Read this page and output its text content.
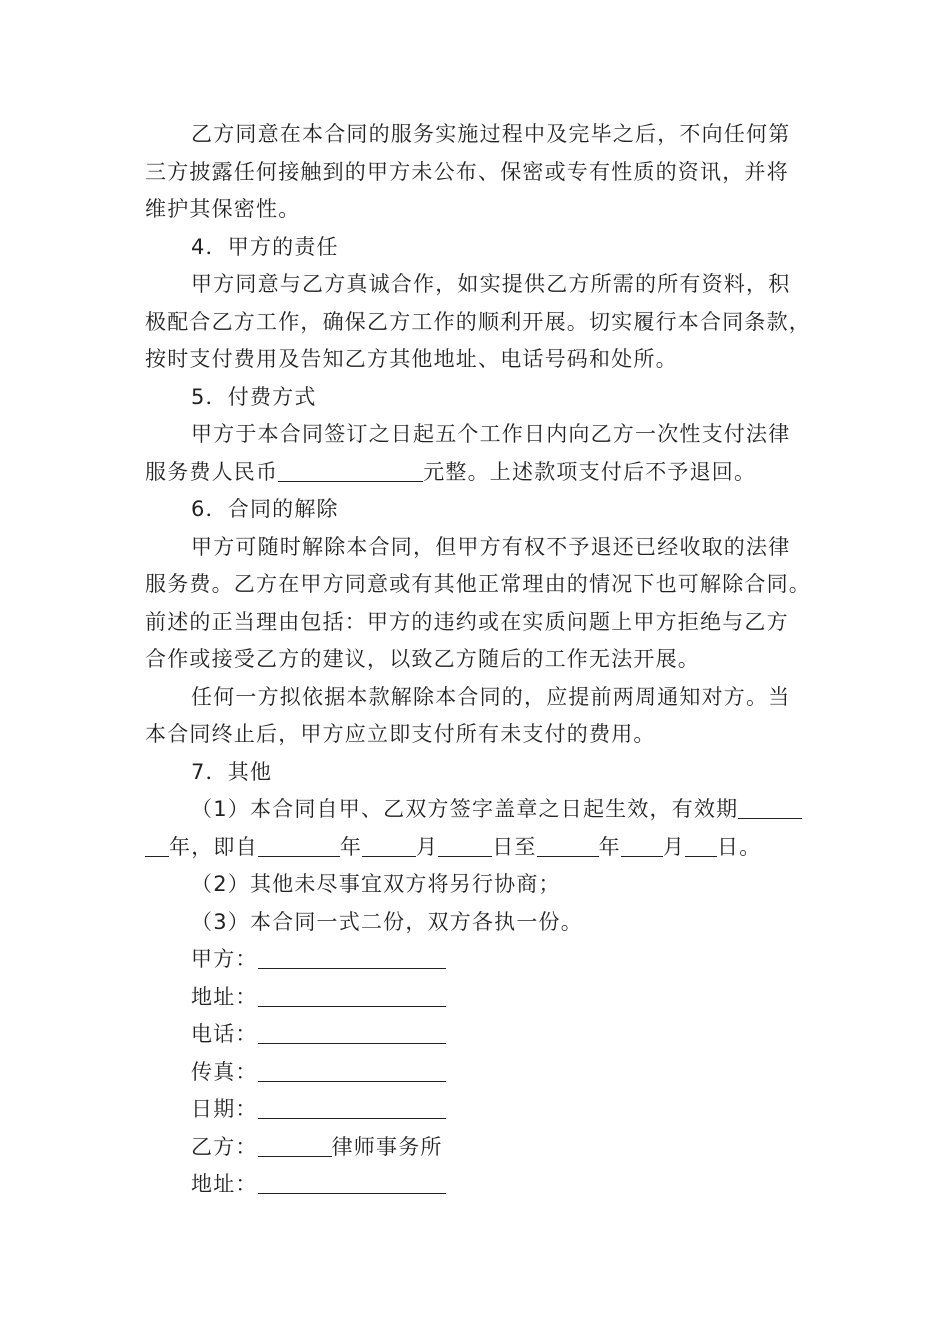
乙方同意在本合同的服务实施过程中及完毕之后，不向任何第
三方披露任何接触到的甲方未公布、保密或专有性质的资讯，并将
维护其保密性。
4．甲方的责任
甲方同意与乙方真诚合作，如实提供乙方所需的所有资料，积
极配合乙方工作，确保乙方工作的顺利开展。切实履行本合同条款，
按时支付费用及告知乙方其他地址、电话号码和处所。
5．付费方式
甲方于本合同签订之日起五个工作日内向乙方一次性支付法律
服务费人民币	元整。上述款项支付后不予退回。
6．合同的解除
甲方可随时解除本合同，但甲方有权不予退还已经收取的法律
服务费。乙方在甲方同意或有其他正常理由的情况下也可解除合同。
前述的正当理由包括：甲方的违约或在实质问题上甲方拒绝与乙方
合作或接受乙方的建议，以致乙方随后的工作无法开展。
任何一方拟依据本款解除本合同的，应提前两周通知对方。当
本合同终止后，甲方应立即支付所有未支付的费用。
7．其他
（1）本合同自甲、乙双方签字盖章之日起生效，有效期
年，即自	年	月	日至	年 月 日。
（2）其他未尽事宜双方将另行协商；
（3）本合同一式二份，双方各执一份。
甲方：
地址：
电话：
传真：
日期：
乙方：	律师事务所
地址：
